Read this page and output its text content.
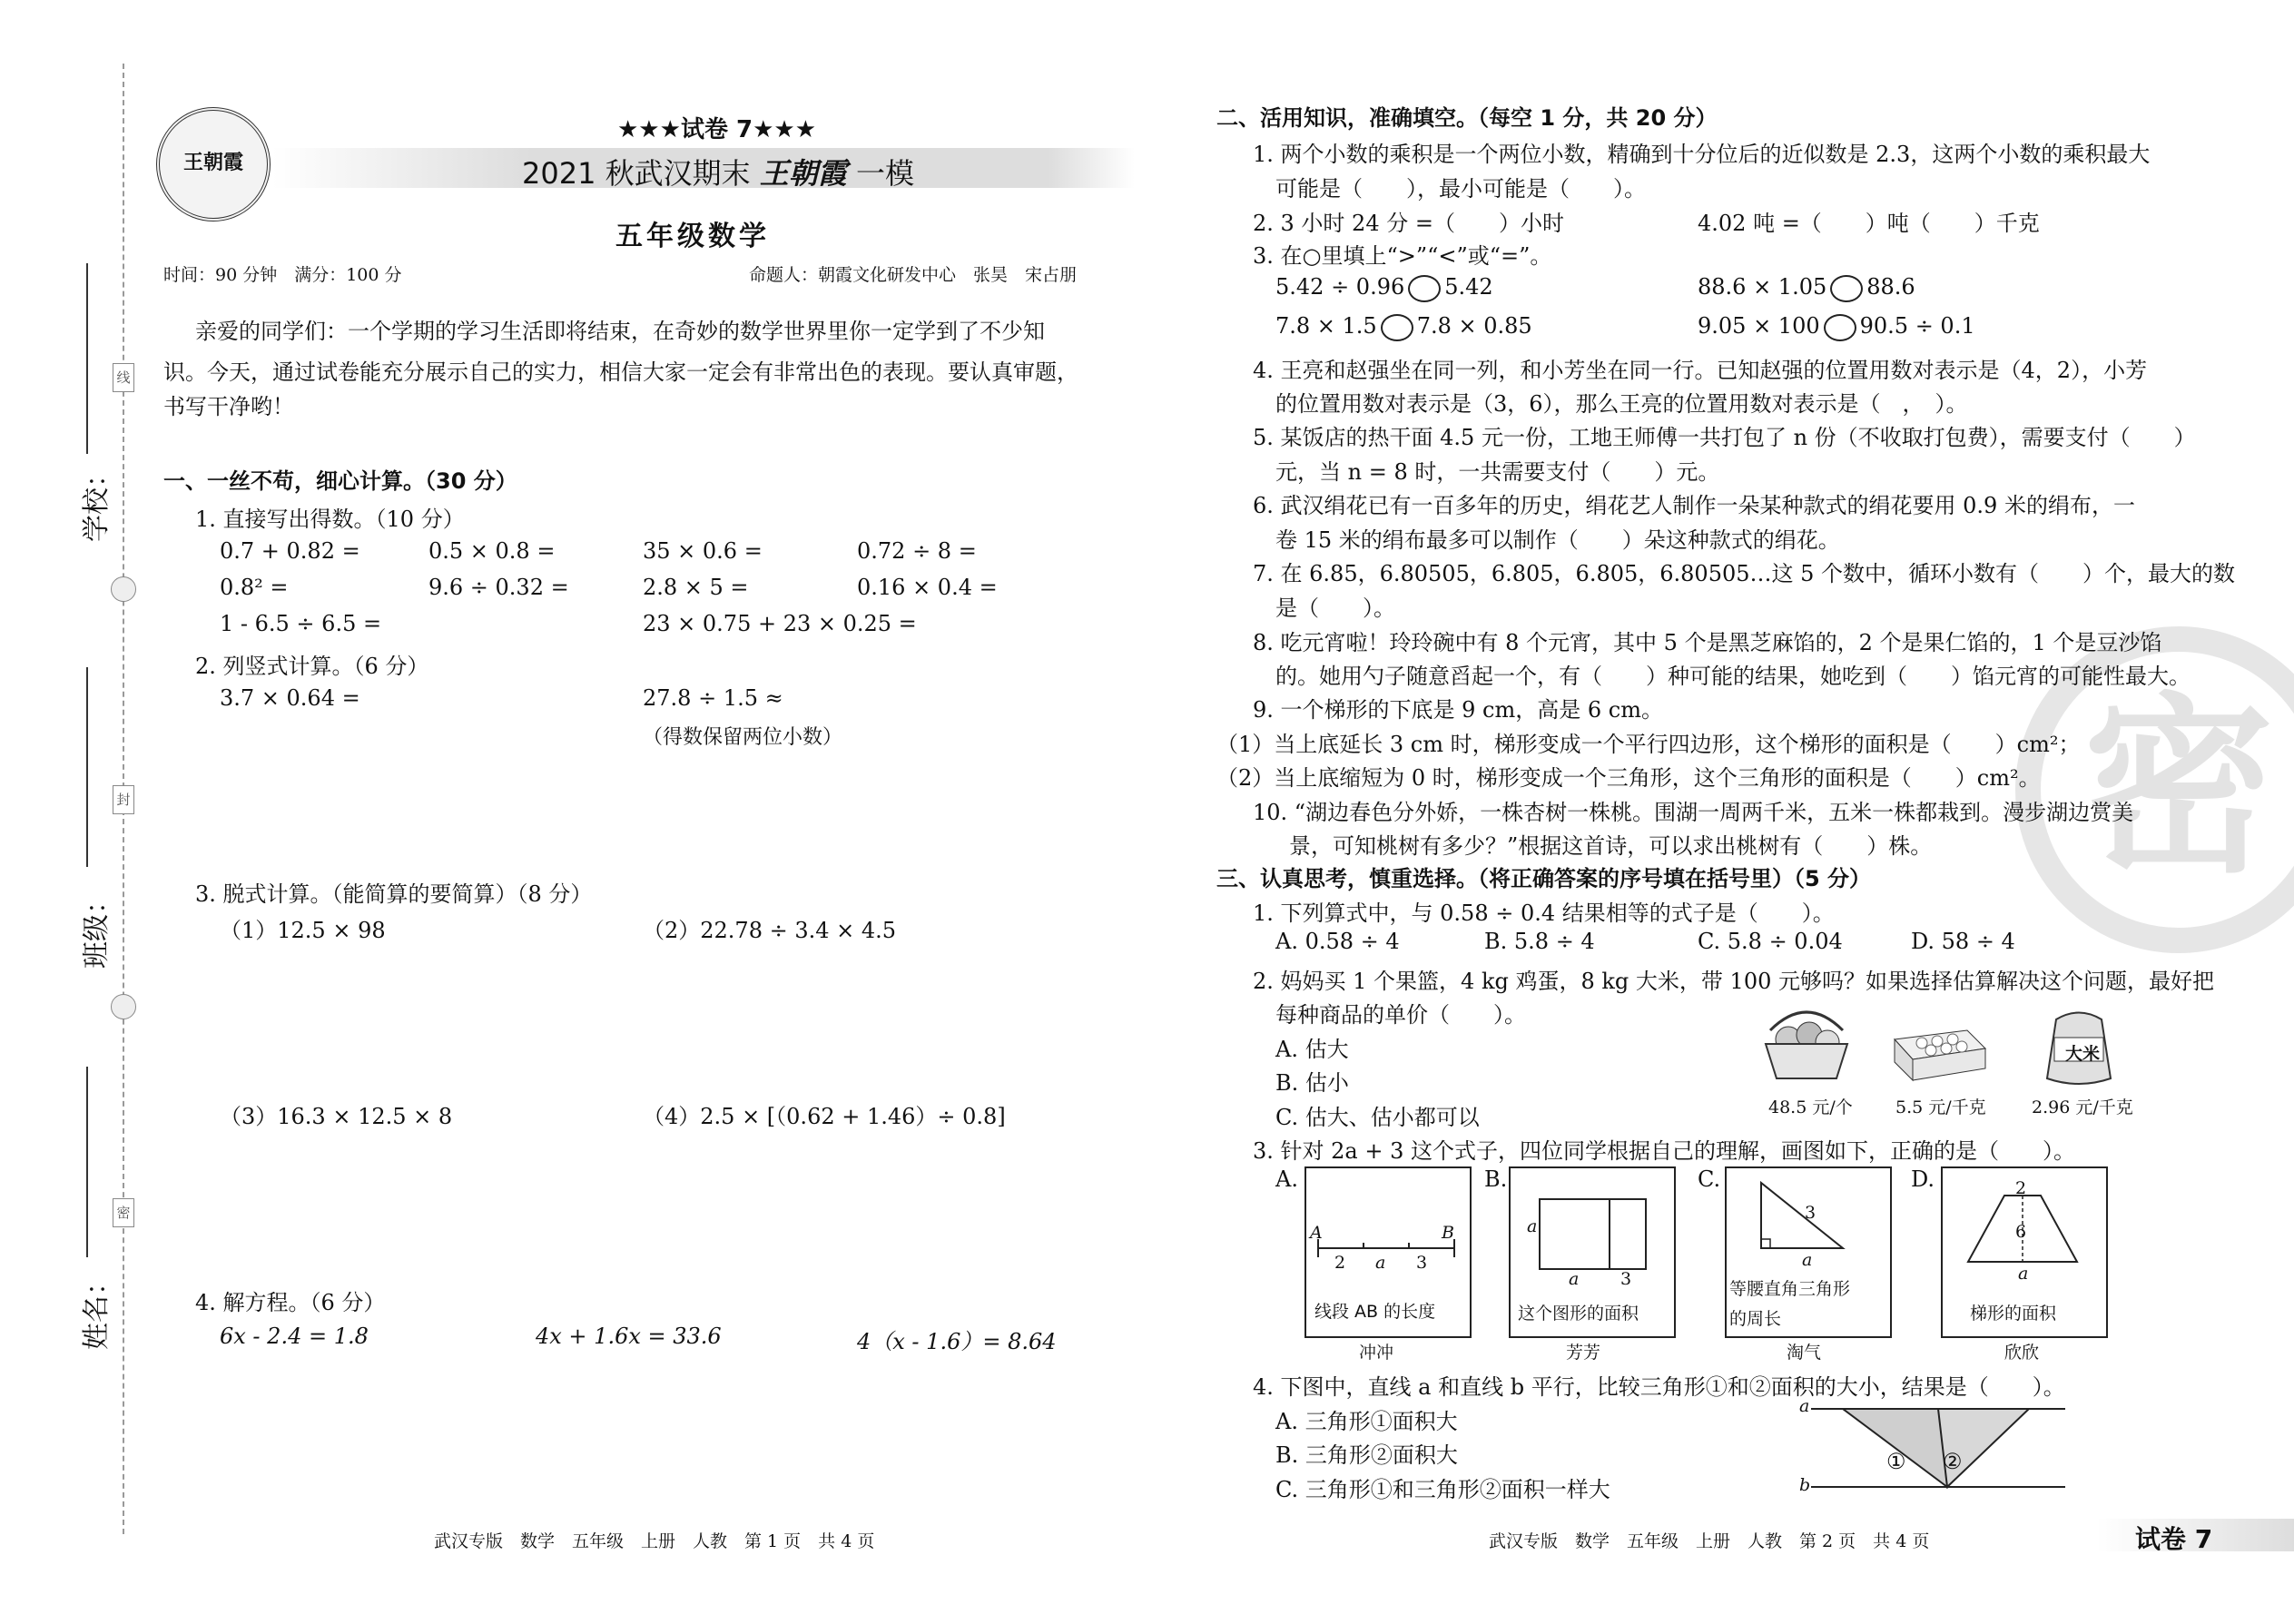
线
封
密
学校：
班级：
姓名：
王朝霞
★★★试卷 7★★★
2021 秋武汉期末 王朝霞 一模
五年级数学
时间：90 分钟　满分：100 分	命题人：朝霞文化研发中心　张昊　宋占朋
亲爱的同学们：一个学期的学习生活即将结束，在奇妙的数学世界里你一定学到了不少知
识。今天，通过试卷能充分展示自己的实力，相信大家一定会有非常出色的表现。要认真审题，
书写干净哟！
一、一丝不苟，细心计算。（30 分）
1. 直接写出得数。（10 分）
0.7 + 0.82 =	0.5 × 0.8 =	35 × 0.6 =	0.72 ÷ 8 =
0.8² =	9.6 ÷ 0.32 =	2.8 × 5 =	0.16 × 0.4 =
1 - 6.5 ÷ 6.5 =	23 × 0.75 + 23 × 0.25 =
2. 列竖式计算。（6 分）
3.7 × 0.64 =	27.8 ÷ 1.5 ≈
（得数保留两位小数）
3. 脱式计算。（能简算的要简算）（8 分）
（1）12.5 × 98	（2）22.78 ÷ 3.4 × 4.5
（3）16.3 × 12.5 × 8	（4）2.5 × [（0.62 + 1.46）÷ 0.8]
4. 解方程。（6 分）
6x - 2.4 = 1.8	4x + 1.6x = 33.6	4（x - 1.6）= 8.64
武汉专版　数学　五年级　上册　人教　第 1 页　共 4 页
密
二、活用知识，准确填空。（每空 1 分，共 20 分）
1. 两个小数的乘积是一个两位小数，精确到十分位后的近似数是 2.3，这两个小数的乘积最大
可能是（　　），最小可能是（　　）。
2. 3 小时 24 分 =（　　）小时	4.02 吨 =（　　）吨（　　）千克
3. 在○里填上“>”“<”或“=”。
5.42 ÷ 0.96 5.42	88.6 × 1.05 88.6
7.8 × 1.5 7.8 × 0.85	9.05 × 100 90.5 ÷ 0.1
4. 王亮和赵强坐在同一列，和小芳坐在同一行。已知赵强的位置用数对表示是（4，2），小芳
的位置用数对表示是（3，6），那么王亮的位置用数对表示是（　，　）。
5. 某饭店的热干面 4.5 元一份，工地王师傅一共打包了 n 份（不收取打包费），需要支付（　　）
元，当 n = 8 时，一共需要支付（　　）元。
6. 武汉绢花已有一百多年的历史，绢花艺人制作一朵某种款式的绢花要用 0.9 米的绢布，一
卷 15 米的绢布最多可以制作（　　）朵这种款式的绢花。
7. 在 6.85，6.80505，6.805，6.805，6.80505…这 5 个数中，循环小数有（　　）个，最大的数
是（　　）。
8. 吃元宵啦！玲玲碗中有 8 个元宵，其中 5 个是黑芝麻馅的，2 个是果仁馅的，1 个是豆沙馅
的。她用勺子随意舀起一个，有（　　）种可能的结果，她吃到（　　）馅元宵的可能性最大。
9. 一个梯形的下底是 9 cm，高是 6 cm。
（1）当上底延长 3 cm 时，梯形变成一个平行四边形，这个梯形的面积是（　　）cm²；
（2）当上底缩短为 0 时，梯形变成一个三角形，这个三角形的面积是（　　）cm²。
10. “湖边春色分外娇，一株杏树一株桃。围湖一周两千米，五米一株都栽到。漫步湖边赏美
景，可知桃树有多少？”根据这首诗，可以求出桃树有（　　）株。
三、认真思考，慎重选择。（将正确答案的序号填在括号里）（5 分）
1. 下列算式中，与 0.58 ÷ 0.4 结果相等的式子是（　　）。
A. 0.58 ÷ 4	B. 5.8 ÷ 4	C. 5.8 ÷ 0.04	D. 58 ÷ 4
2. 妈妈买 1 个果篮，4 kg 鸡蛋，8 kg 大米，带 100 元够吗？如果选择估算解决这个问题，最好把
每种商品的单价（　　）。
A. 估大
B. 估小
C. 估大、估小都可以
大米
48.5 元/个 5.5 元/千克	2.96 元/千克
3. 针对 2a + 3 这个式子，四位同学根据自己的理解，画图如下，正确的是（　　）。
A.
A	B
2 a 3
线段 AB 的长度
冲冲
B.
a
a 3
这个图形的面积
芳芳
C.
3
a
等腰直角三角形
的周长
淘气
D.	2
6
a
梯形的面积
欣欣
4. 下图中，直线 a 和直线 b 平行，比较三角形①和②面积的大小，结果是（　　）。
A. 三角形①面积大
B. 三角形②面积大
C. 三角形①和三角形②面积一样大
a
b
① ②
武汉专版　数学　五年级　上册　人教　第 2 页　共 4 页	试卷 7
